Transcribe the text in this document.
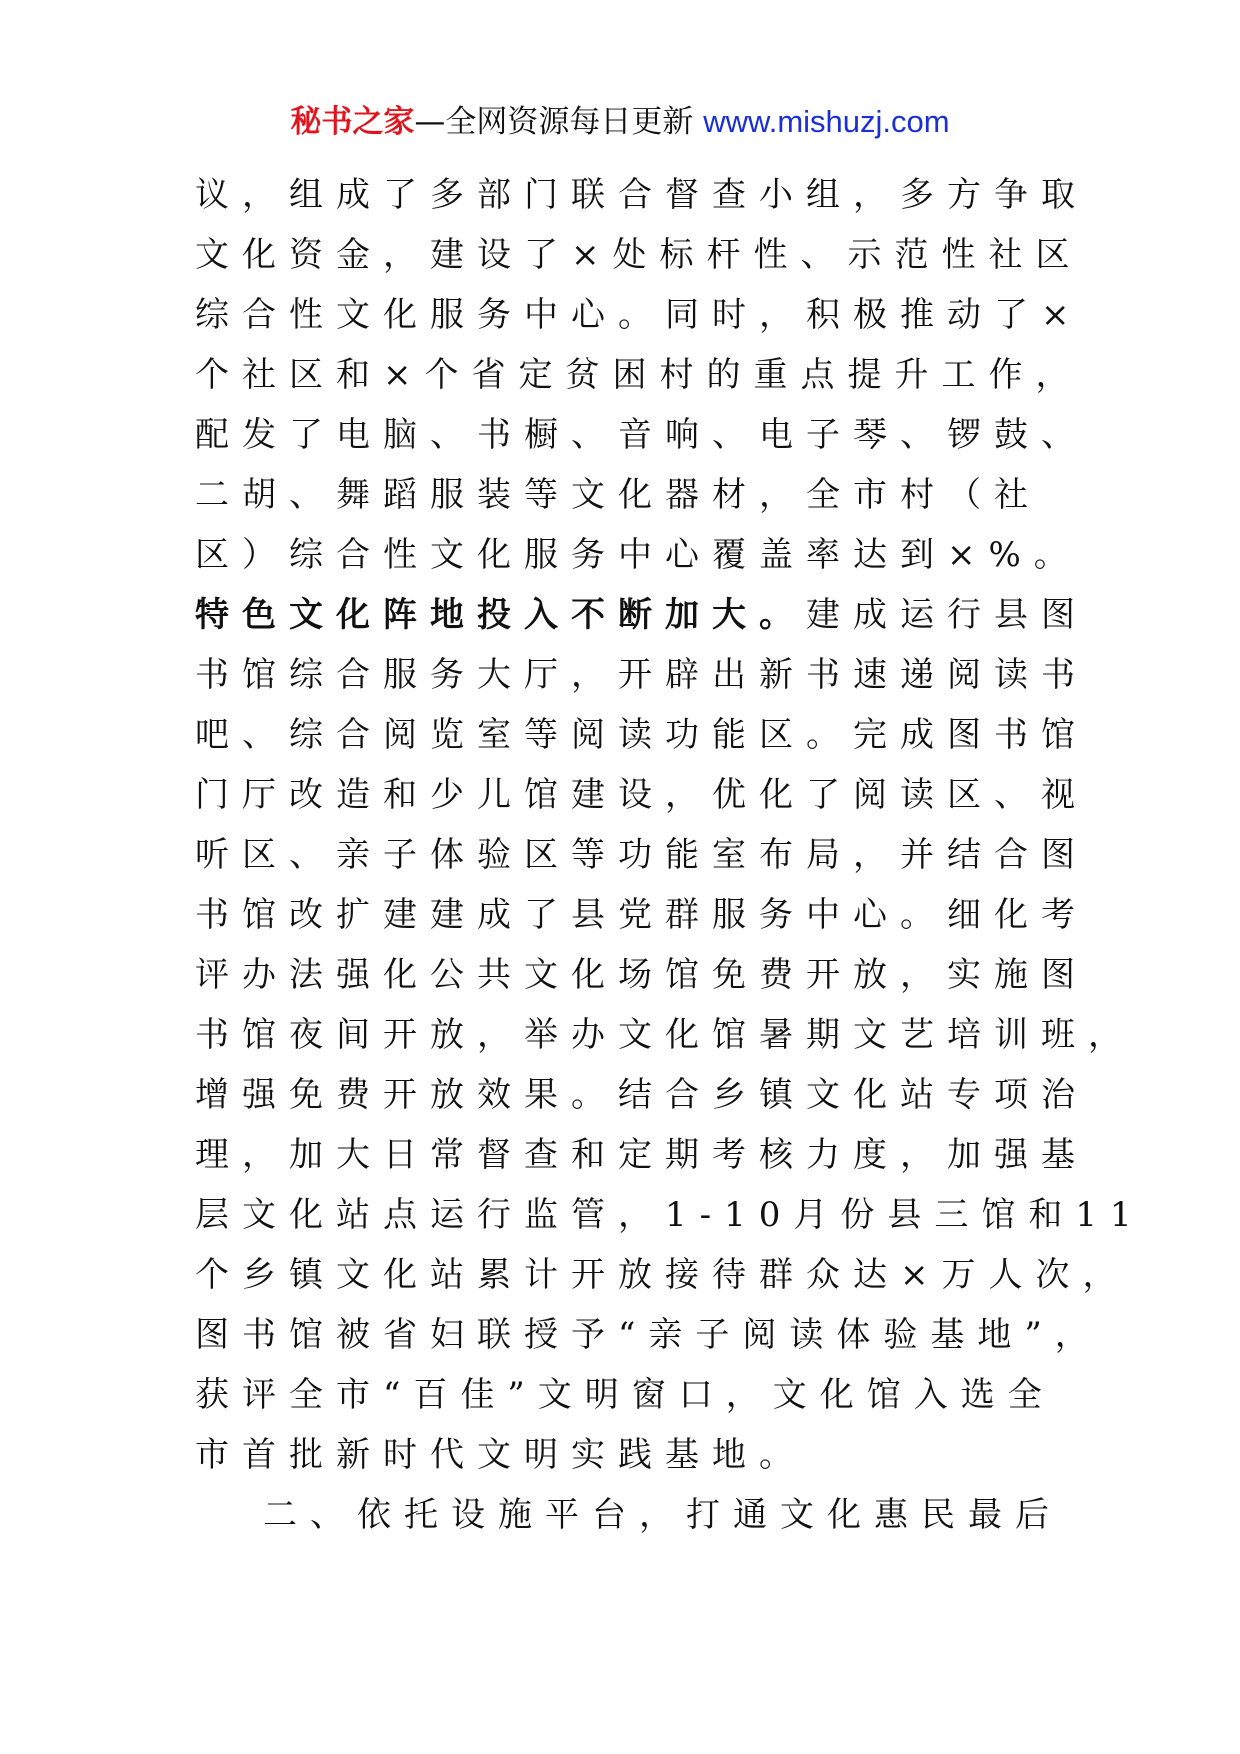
秘书之家—全网资源每日更新 www.mishuzj.com
议，组成了多部门联合督查小组，多方争取
文化资金，建设了×处标杆性、示范性社区
综合性文化服务中心。同时，积极推动了×
个社区和×个省定贫困村的重点提升工作，
配发了电脑、书橱、音响、电子琴、锣鼓、
二胡、舞蹈服装等文化器材，全市村（社
区）综合性文化服务中心覆盖率达到×%。
特色文化阵地投入不断加大。建成运行县图
书馆综合服务大厅，开辟出新书速递阅读书
吧、综合阅览室等阅读功能区。完成图书馆
门厅改造和少儿馆建设，优化了阅读区、视
听区、亲子体验区等功能室布局，并结合图
书馆改扩建建成了县党群服务中心。细化考
评办法强化公共文化场馆免费开放，实施图
书馆夜间开放，举办文化馆暑期文艺培训班，
增强免费开放效果。结合乡镇文化站专项治
理，加大日常督查和定期考核力度，加强基
层文化站点运行监管，1-10月份县三馆和11
个乡镇文化站累计开放接待群众达×万人次，
图书馆被省妇联授予“亲子阅读体验基地”，
获评全市“百佳”文明窗口，文化馆入选全
市首批新时代文明实践基地。
二、依托设施平台，打通文化惠民最后
